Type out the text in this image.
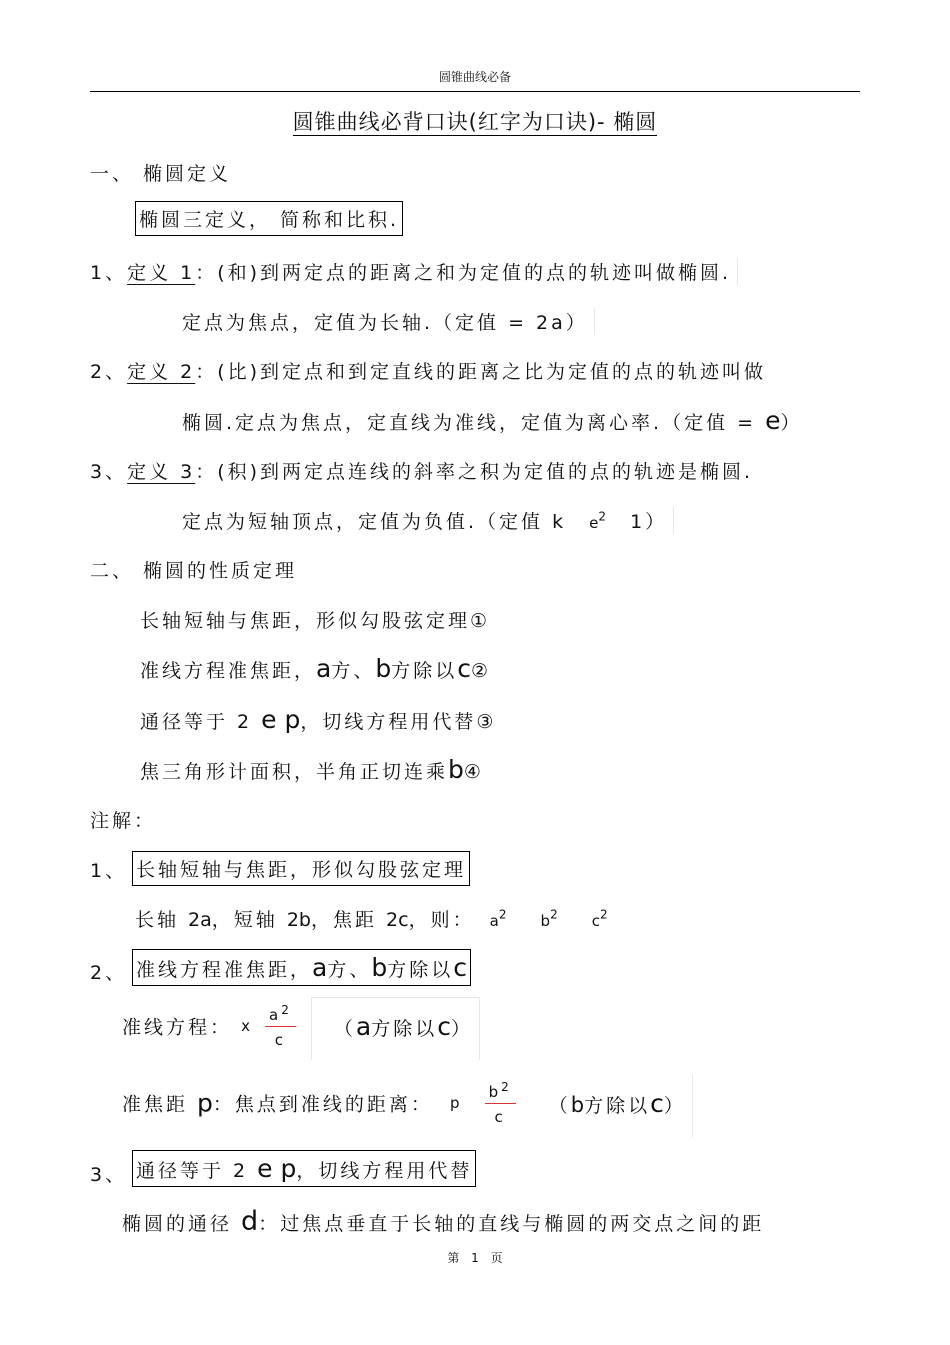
圆锥曲线必备
圆锥曲线必背口诀(红字为口诀)- 椭圆
一、 椭圆定义
椭圆三定义， 简称和比积.
1、定义 1：(和)到两定点的距离之和为定值的点的轨迹叫做椭圆.
定点为焦点，定值为长轴.（定值 = 2a）
2、定义 2：(比)到定点和到定直线的距离之比为定值的点的轨迹叫做
椭圆.定点为焦点，定直线为准线，定值为离心率.（定值 = e）
3、定义 3：(积)到两定点连线的斜率之积为定值的点的轨迹是椭圆.
定点为短轴顶点，定值为负值.（定值 k $e^2$ 1）
二、 椭圆的性质定理
长轴短轴与焦距，形似勾股弦定理①
准线方程准焦距，a方、b方除以c②
通径等于 2 e p，切线方程用代替③
焦三角形计面积，半角正切连乘b④
注解：
1、 长轴短轴与焦距，形似勾股弦定理
长轴 2a，短轴 2b，焦距 2c，则： $a^2$ $b^2$ $c^2$
2、 准线方程准焦距，a方、b方除以c
准线方程： x $\frac{a^2}{c} (a$方除以c）
准焦距 p：焦点到准线的距离： p $\frac{b^2}{c} (b$方除以c）
3、 通径等于 2 e p，切线方程用代替
椭圆的通径 d：过焦点垂直于长轴的直线与椭圆的两交点之间的距
第 1 页
